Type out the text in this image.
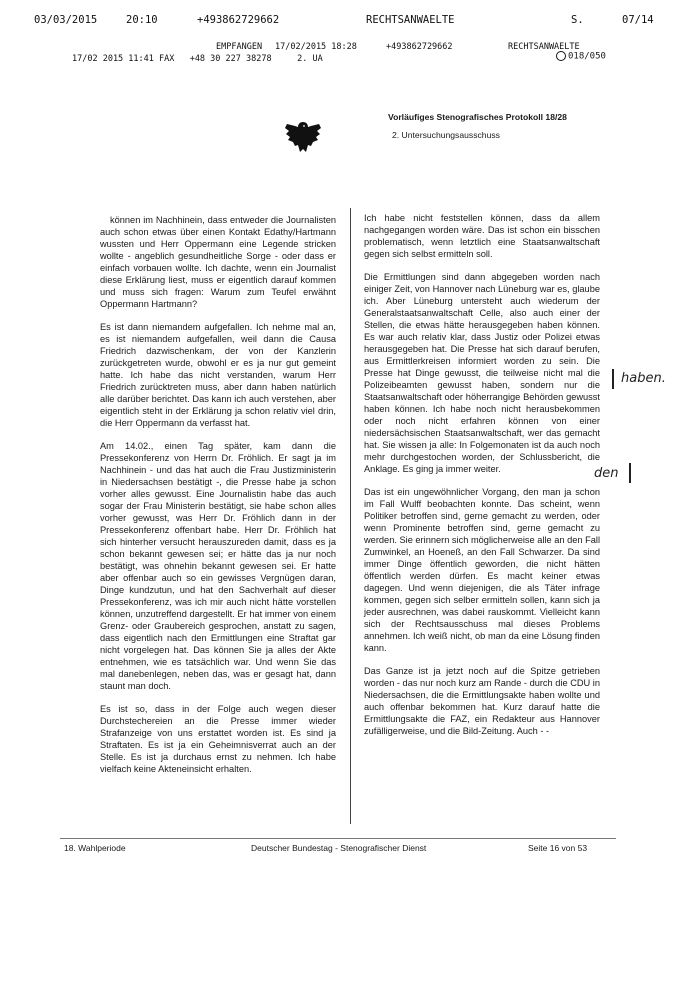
03/03/2015	20:10	+493862729662	RECHTSANWAELTE	S.	07/14
EMPFANGEN 17/02/2015 18:28	+493862729662	RECHTSANWAELTE
018/050
17/02 2015 11:41 FAX   +48 30 227 38278     2. UA
Vorläufiges Stenografisches Protokoll 18/28
2. Untersuchungsausschuss

können im Nachhinein, dass entweder die Journalisten auch schon etwas über einen Kontakt Edathy/Hartmann wussten und Herr Oppermann eine Legende stricken wollte - angeblich gesundheitliche Sorge - oder dass er einfach vorbauen wollte. Ich dachte, wenn ein Journalist diese Erklärung liest, muss er eigentlich darauf kommen und muss sich fragen: Warum zum Teufel erwähnt Oppermann Hartmann?

Es ist dann niemandem aufgefallen. Ich nehme mal an, es ist niemandem aufgefallen, weil dann die Causa Friedrich dazwischenkam, der von der Kanzlerin zurückgetreten wurde, obwohl er es ja nur gut gemeint hatte. Ich habe das nicht verstanden, warum Herr Friedrich zurücktreten muss, aber dann haben natürlich alle darüber berichtet. Das kann ich auch verstehen, aber eigentlich steht in der Erklärung ja schon relativ viel drin, die Herr Oppermann da verfasst hat.

Am 14.02., einen Tag später, kam dann die Pressekonferenz von Herrn Dr. Fröhlich. Er sagt ja im Nachhinein - und das hat auch die Frau Justizministerin in Niedersachsen bestätigt -, die Presse habe ja schon vorher alles gewusst. Eine Journalistin habe das auch sogar der Frau Ministerin bestätigt, sie habe schon alles vorher gewusst, was Herr Dr. Fröhlich dann in der Pressekonferenz offenbart habe. Herr Dr. Fröhlich hat sich hinterher versucht herauszureden damit, dass es ja schon bekannt gewesen sei; er hätte das ja nur noch bestätigt, was ohnehin bekannt gewesen sei. Er hatte aber offenbar auch so ein gewisses Vergnügen daran, Dinge kundzutun, und hat den Sachverhalt auf dieser Pressekonferenz, was ich mir auch nicht hätte vorstellen können, unzutreffend dargestellt. Er hat immer von einem Grenz- oder Graubereich gesprochen, anstatt zu sagen, dass eigentlich nach den Ermittlungen eine Straftat gar nicht vorgelegen hat. Das können Sie ja alles der Akte entnehmen, wie es tatsächlich war. Und wenn Sie das mal danebenlegen, neben das, was er gesagt hat, dann staunt man doch.

Es ist so, dass in der Folge auch wegen dieser Durchstechereien an die Presse immer wieder Strafanzeige von uns erstattet worden ist. Es sind ja Straftaten. Es ist ja ein Geheimnisverrat auch an der Stelle. Es ist ja durchaus ernst zu nehmen. Ich habe vielfach keine Akteneinsicht erhalten.

Ich habe nicht feststellen können, dass da allem nachgegangen worden wäre. Das ist schon ein bisschen problematisch, wenn letztlich eine Staatsanwaltschaft gegen sich selbst ermitteln soll.

Die Ermittlungen sind dann abgegeben worden nach einiger Zeit, von Hannover nach Lüneburg war es, glaube ich. Aber Lüneburg untersteht auch wiederum der Generalstaatsanwaltschaft Celle, also auch einer der Stellen, die etwas hätte herausgegeben haben können. Es war auch relativ klar, dass Justiz oder Polizei etwas herausgegeben hat. Die Presse hat sich darauf berufen, aus Ermittlerkreisen informiert worden zu sein. Die Presse hat Dinge gewusst, die teilweise nicht mal die Polizeibeamten gewusst haben, sondern nur die Staatsanwaltschaft oder höherrangige Behörden gewusst haben können. Ich habe noch nicht herausbekommen oder noch nicht erfahren können von einer niedersächsischen Staatsanwaltschaft, wer das gemacht hat. Sie wissen ja alle: In Folgemonaten ist da auch noch mehr durchgestochen worden, der Schlussbericht, die Anklage. Es ging ja immer weiter.

Das ist ein ungewöhnlicher Vorgang, den man ja schon im Fall Wulff beobachten konnte. Das scheint, wenn Politiker betroffen sind, gerne gemacht zu werden, oder wenn Prominente betroffen sind, gerne gemacht zu werden. Sie erinnern sich möglicherweise alle an den Fall Zumwinkel, an Hoeneß, an den Fall Schwarzer. Da sind immer Dinge öffentlich geworden, die nicht hätten öffentlich werden dürfen. Es macht keiner etwas dagegen. Und wenn diejenigen, die als Täter infrage kommen, gegen sich selber ermitteln sollen, kann sich ja jeder ausrechnen, was dabei rauskommt. Vielleicht kann sich der Rechtsausschuss mal dieses Problems annehmen. Ich weiß nicht, ob man da eine Lösung finden kann.

Das Ganze ist ja jetzt noch auf die Spitze getrieben worden - das nur noch kurz am Rande - durch die CDU in Niedersachsen, die die Ermittlungsakte haben wollte und auch offenbar bekommen hat. Kurz darauf hatte die Ermittlungsakte die FAZ, ein Redakteur aus Hannover zufälligerweise, und die Bild-Zeitung. Auch - -

haben.
den
18. Wahlperiode	Deutscher Bundestag - Stenografischer Dienst	Seite 16 von 53
